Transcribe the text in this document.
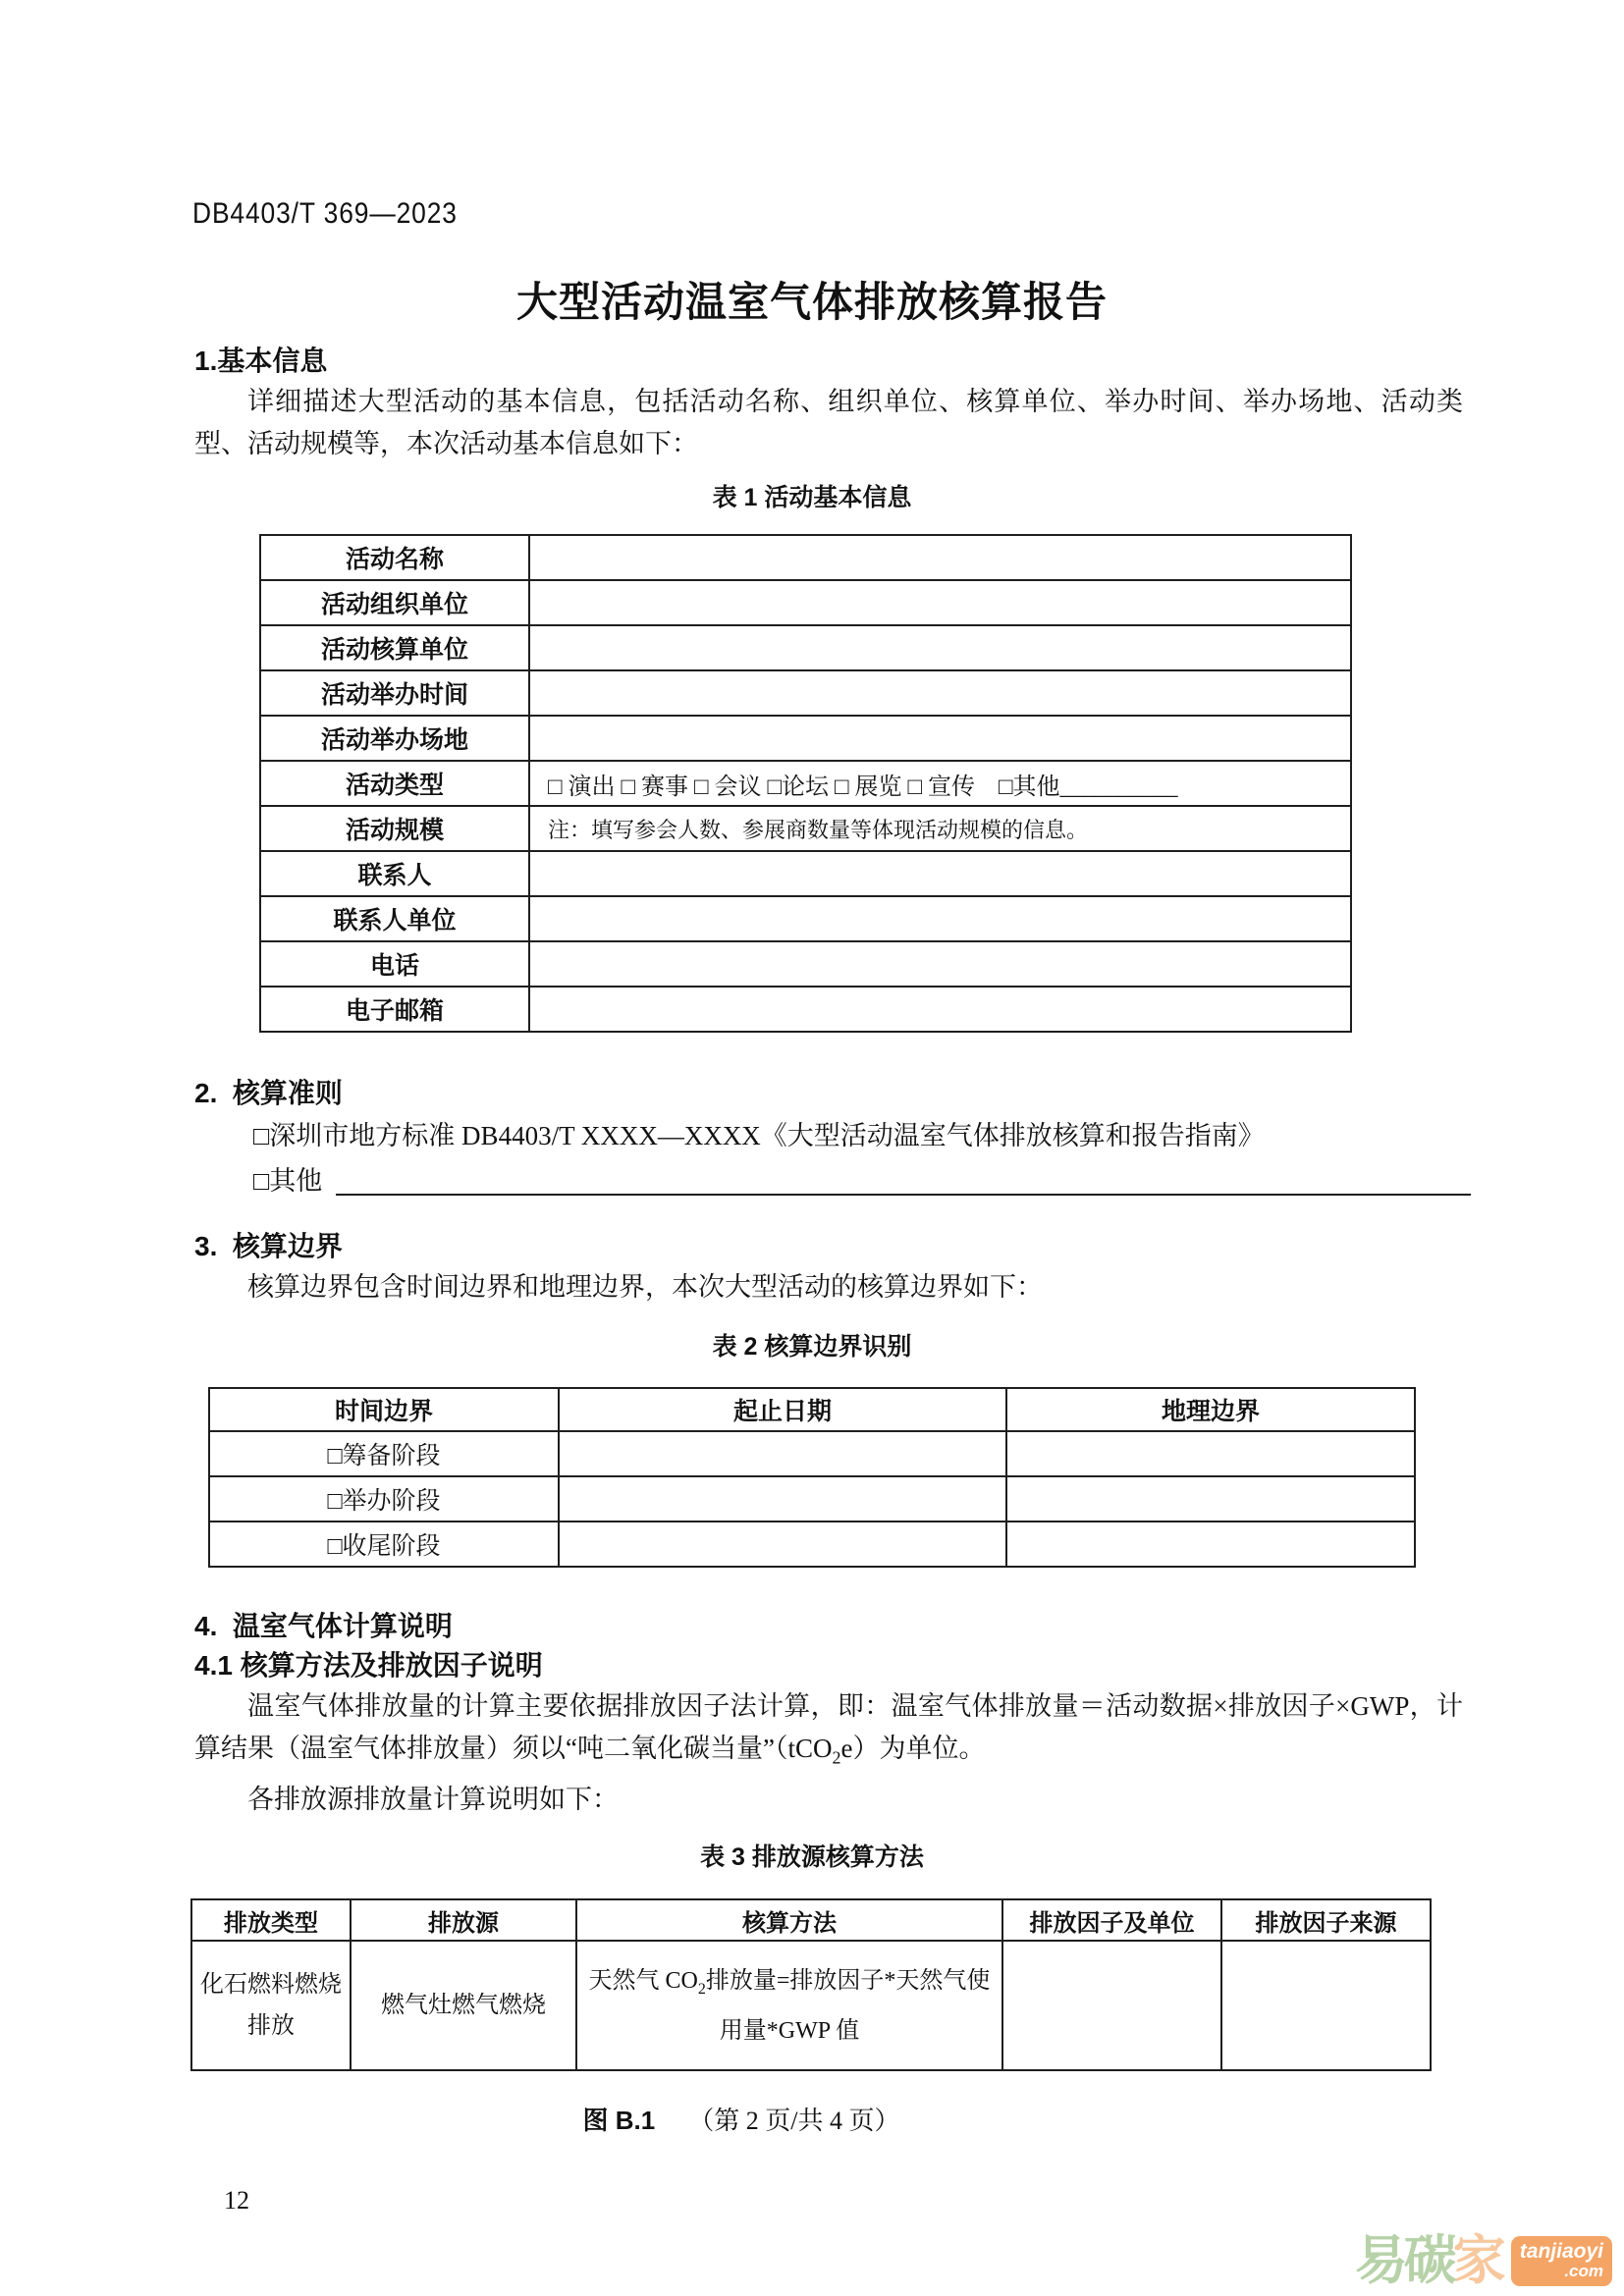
DB4403/T 369—2023
大型活动温室气体排放核算报告
1.基本信息

详细描述大型活动的基本信息，包括活动名称、组织单位、核算单位、举办时间、举办场地、活动类型、活动规模等，本次活动基本信息如下：

表 1 活动基本信息
活动名称	
活动组织单位	
活动核算单位	
活动举办时间	
活动举办场地	
活动类型	□ 演出 □ 赛事 □ 会议 □论坛 □ 展览 □ 宣传　□其他__________
活动规模	注：填写参会人数、参展商数量等体现活动规模的信息。
联系人	
联系人单位	
电话	
电子邮箱	
2.  核算准则
□深圳市地方标准 DB4403/T XXXX—XXXX《大型活动温室气体排放核算和报告指南》
□其他
3.  核算边界

核算边界包含时间边界和地理边界，本次大型活动的核算边界如下：

表 2 核算边界识别
时间边界	起止日期	地理边界
□筹备阶段		
□举办阶段		
□收尾阶段		
4.  温室气体计算说明
4.1 核算方法及排放因子说明

温室气体排放量的计算主要依据排放因子法计算，即：温室气体排放量＝活动数据×排放因子×GWP，计算结果（温室气体排放量）须以“吨二氧化碳当量”（tCO$_2$e）为单位。

各排放源排放量计算说明如下：

表 3 排放源核算方法
排放类型	排放源	核算方法	排放因子及单位	排放因子来源
化石燃料燃烧排放	燃气灶燃气燃烧	天然气 $CO_2$排放量=排放因子*天然气使用量*GWP 值		
图 B.1 （第 2 页/共 4 页）
12
易
碳
家 tanjiaoyi
.com
